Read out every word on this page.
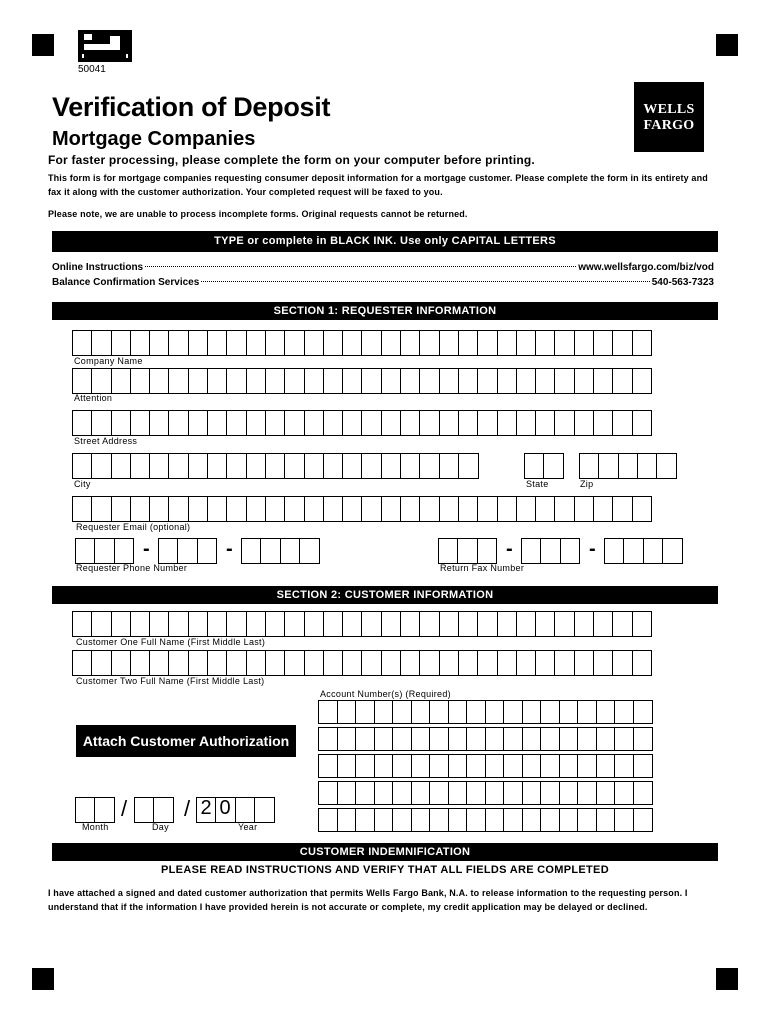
50041
Verification of Deposit
Mortgage Companies
WELLS
FARGO
For faster processing, please complete the form on your computer before printing.
This form is for mortgage companies requesting consumer deposit information for a mortgage customer. Please complete the form in its entirety and fax it along with the customer authorization. Your completed request will be faxed to you.
Please note, we are unable to process incomplete forms. Original requests cannot be returned.
TYPE or complete in BLACK INK. Use only CAPITAL LETTERS
Online Instructions	www.wellsfargo.com/biz/vod
Balance Confirmation Services	540-563-7323
SECTION 1: REQUESTER INFORMATION
Company Name
Attention
Street Address
City	State	Zip
Requester Email (optional)
-	-
Requester Phone Number
-	-
Return Fax Number
SECTION 2: CUSTOMER INFORMATION
Customer One Full Name (First Middle Last)
Customer Two Full Name (First Middle Last)
Account Number(s) (Required)
Attach Customer Authorization
/	/ 2 0
Month	Day	Year
CUSTOMER INDEMNIFICATION
PLEASE READ INSTRUCTIONS AND VERIFY THAT ALL FIELDS ARE COMPLETED
I have attached a signed and dated customer authorization that permits Wells Fargo Bank, N.A. to release information to the requesting person. I understand that if the information I have provided herein is not accurate or complete, my credit application may be delayed or declined.
